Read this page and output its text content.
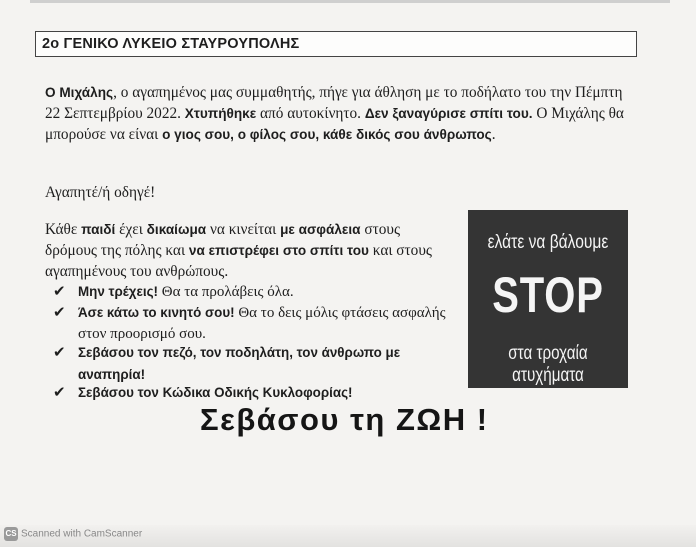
2ο ΓΕΝΙΚΟ ΛΥΚΕΙΟ ΣΤΑΥΡΟΥΠΟΛΗΣ
Ο Μιχάλης, ο αγαπημένος μας συμμαθητής, πήγε για άθληση με το ποδήλατο του την Πέμπτη 22 Σεπτεμβρίου 2022. Χτυπήθηκε από αυτοκίνητο. Δεν ξαναγύρισε σπίτι του. Ο Μιχάλης θα μπορούσε να είναι ο γιος σου, ο φίλος σου, κάθε δικός σου άνθρωπος.
Αγαπητέ/ή οδηγέ!
Κάθε παιδί έχει δικαίωμα να κινείται με ασφάλεια στους δρόμους της πόλης και να επιστρέφει στο σπίτι του και στους αγαπημένους του ανθρώπους.
✔ Μην τρέχεις! Θα τα προλάβεις όλα.
✔ Άσε κάτω το κινητό σου! Θα το δεις μόλις φτάσεις ασφαλής στον προορισμό σου.
✔ Σεβάσου τον πεζό, τον ποδηλάτη, τον άνθρωπο με αναπηρία!
✔ Σεβάσου τον Κώδικα Οδικής Κυκλοφορίας!
ελάτε να βάλουμε
STOP
στα τροχαία ατυχήματα
Σεβάσου τη ΖΩΗ !
CS Scanned with CamScanner
